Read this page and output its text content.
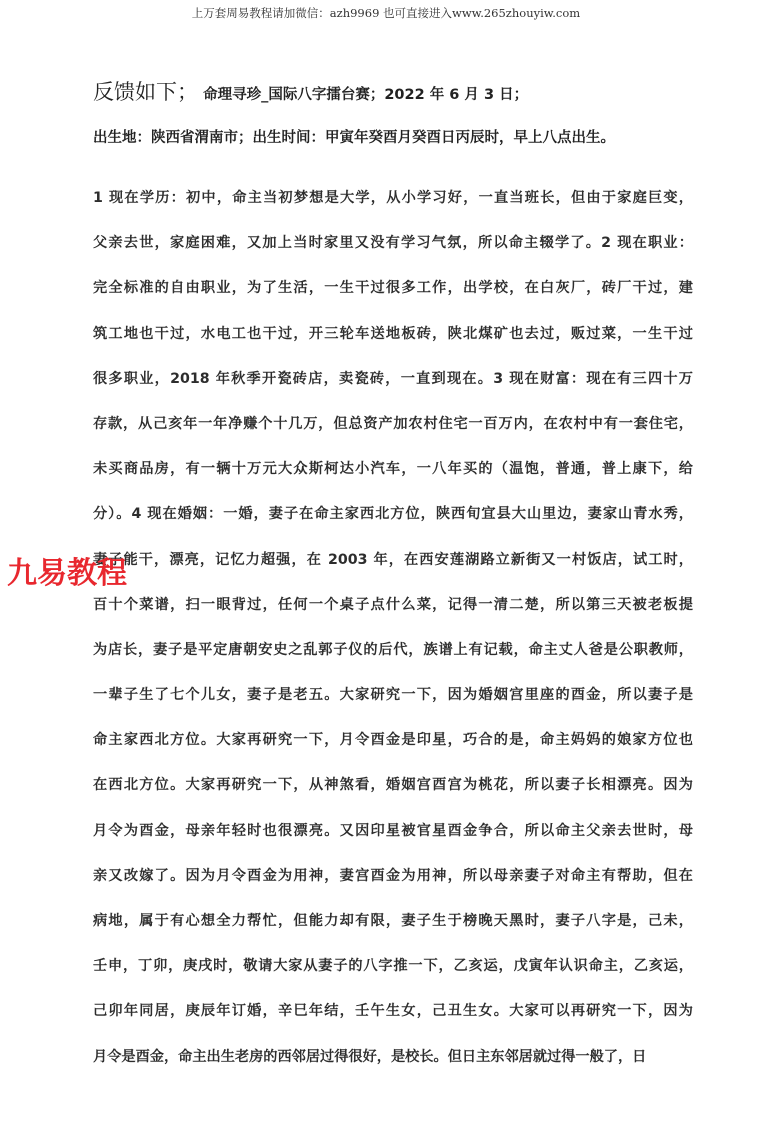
上万套周易教程请加微信：azh9969 也可直接进入www.265zhouyiw.com
反馈如下； 命理寻珍_国际八字擂台赛；2022 年 6 月 3 日；
出生地：陕西省渭南市；出生时间：甲寅年癸酉月癸酉日丙辰时，早上八点出生。
1 现在学历：初中，命主当初梦想是大学，从小学习好，一直当班长，但由于家庭巨变，
父亲去世，家庭困难，又加上当时家里又没有学习气氛，所以命主辍学了。2 现在职业：
完全标准的自由职业，为了生活，一生干过很多工作，出学校，在白灰厂，砖厂干过，建
筑工地也干过，水电工也干过，开三轮车送地板砖，陕北煤矿也去过，贩过菜，一生干过
很多职业，2018 年秋季开瓷砖店，卖瓷砖，一直到现在。3 现在财富：现在有三四十万
存款，从己亥年一年净赚个十几万，但总资产加农村住宅一百万内，在农村中有一套住宅，
未买商品房，有一辆十万元大众斯柯达小汽车，一八年买的（温饱，普通，普上康下，给
分）。4 现在婚姻：一婚，妻子在命主家西北方位，陕西旬宜县大山里边，妻家山青水秀，
妻子能干，漂亮，记忆力超强，在 2003 年，在西安莲湖路立新街又一村饭店，试工时，
百十个菜谱，扫一眼背过，任何一个桌子点什么菜，记得一清二楚，所以第三天被老板提
为店长，妻子是平定唐朝安史之乱郭子仪的后代，族谱上有记载，命主丈人爸是公职教师，
一辈子生了七个儿女，妻子是老五。大家研究一下，因为婚姻宫里座的酉金，所以妻子是
命主家西北方位。大家再研究一下，月令酉金是印星，巧合的是，命主妈妈的娘家方位也
在西北方位。大家再研究一下，从神煞看，婚姻宫酉宫为桃花，所以妻子长相漂亮。因为
月令为酉金，母亲年轻时也很漂亮。又因印星被官星酉金争合，所以命主父亲去世时，母
亲又改嫁了。因为月令酉金为用神，妻宫酉金为用神，所以母亲妻子对命主有帮助，但在
病地，属于有心想全力帮忙，但能力却有限，妻子生于榜晚天黑时，妻子八字是，己未，
壬申，丁卯，庚戌时，敬请大家从妻子的八字推一下，乙亥运，戊寅年认识命主，乙亥运，
己卯年同居，庚辰年订婚，辛巳年结，壬午生女，己丑生女。大家可以再研究一下，因为
月令是酉金，命主出生老房的西邻居过得很好，是校长。但日主东邻居就过得一般了，日
九易教程
